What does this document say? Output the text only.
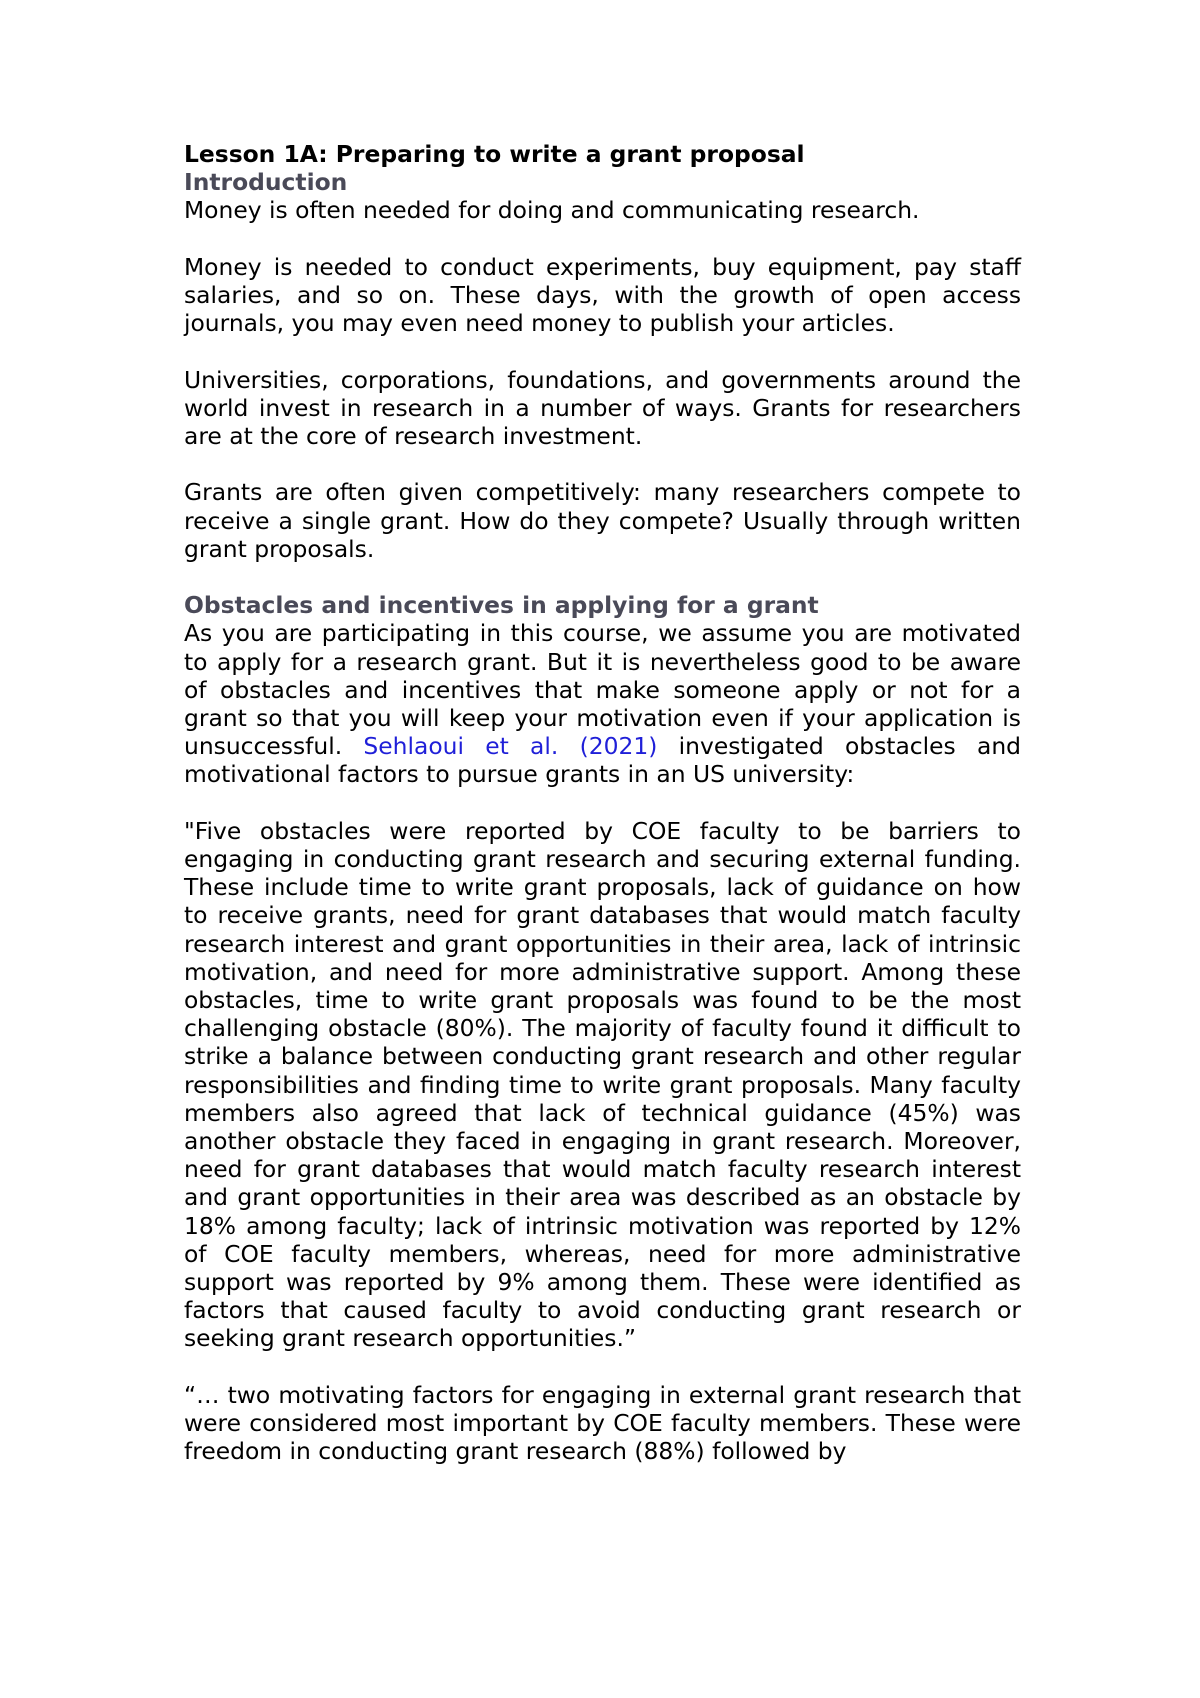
Lesson 1A: Preparing to write a grant proposal

Introduction

Money is often needed for doing and communicating research.

Money is needed to conduct experiments, buy equipment, pay staff salaries, and so on. These days, with the growth of open access journals, you may even need money to publish your articles.

Universities, corporations, foundations, and governments around the world invest in research in a number of ways. Grants for researchers are at the core of research investment.

Grants are often given competitively: many researchers compete to receive a single grant. How do they compete? Usually through written grant proposals.

Obstacles and incentives in applying for a grant

As you are participating in this course, we assume you are motivated to apply for a research grant. But it is nevertheless good to be aware of obstacles and incentives that make someone apply or not for a grant so that you will keep your motivation even if your application is unsuccessful. Sehlaoui et al. (2021) investigated obstacles and motivational factors to pursue grants in an US university:

"Five obstacles were reported by COE faculty to be barriers to engaging in conducting grant research and securing external funding. These include time to write grant proposals, lack of guidance on how to receive grants, need for grant databases that would match faculty research interest and grant opportunities in their area, lack of intrinsic motivation, and need for more administrative support. Among these obstacles, time to write grant proposals was found to be the most challenging obstacle (80%). The majority of faculty found it difficult to strike a balance between conducting grant research and other regular responsibilities and finding time to write grant proposals. Many faculty members also agreed that lack of technical guidance (45%) was another obstacle they faced in engaging in grant research. Moreover, need for grant databases that would match faculty research interest and grant opportunities in their area was described as an obstacle by 18% among faculty; lack of intrinsic motivation was reported by 12% of COE faculty members, whereas, need for more administrative support was reported by 9% among them. These were identified as factors that caused faculty to avoid conducting grant research or seeking grant research opportunities.”

“… two motivating factors for engaging in external grant research that were considered most important by COE faculty members. These were freedom in conducting grant research (88%) followed by
